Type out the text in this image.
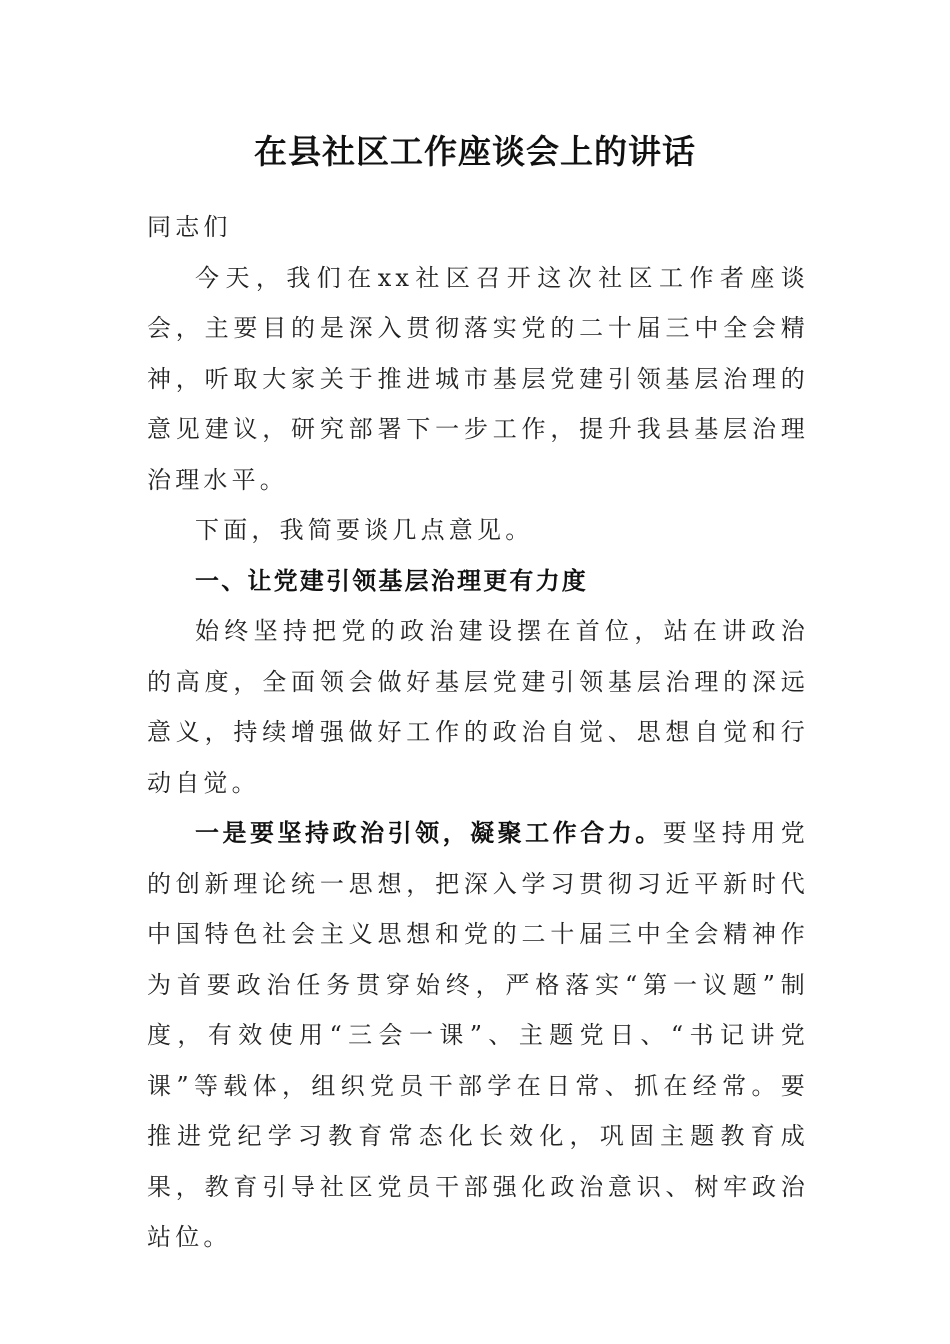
在县社区工作座谈会上的讲话

同志们

今天，我们在xx社区召开这次社区工作者座谈会，主要目的是深入贯彻落实党的二十届三中全会精神，听取大家关于推进城市基层党建引领基层治理的意见建议，研究部署下一步工作，提升我县基层治理治理水平。

下面，我简要谈几点意见。

一、让党建引领基层治理更有力度

始终坚持把党的政治建设摆在首位，站在讲政治的高度，全面领会做好基层党建引领基层治理的深远意义，持续增强做好工作的政治自觉、思想自觉和行动自觉。

一是要坚持政治引领，凝聚工作合力。要坚持用党的创新理论统一思想，把深入学习贯彻习近平新时代中国特色社会主义思想和党的二十届三中全会精神作为首要政治任务贯穿始终，严格落实“第一议题”制度，有效使用“三会一课”、主题党日、“书记讲党课”等载体，组织党员干部学在日常、抓在经常。要推进党纪学习教育常态化长效化，巩固主题教育成果，教育引导社区党员干部强化政治意识、树牢政治站位。
